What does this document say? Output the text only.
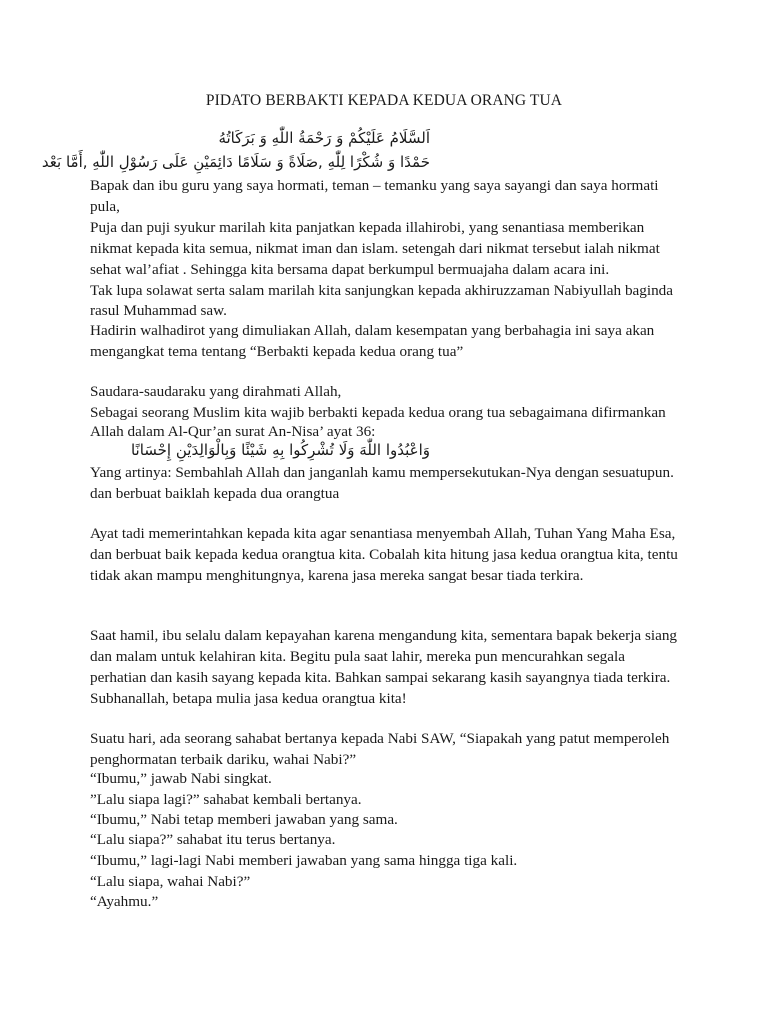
PIDATO BERBAKTI KEPADA KEDUA ORANG TUA
اَلسَّلَامُ عَلَيْكُمْ وَ رَحْمَةُ اللّٰهِ وَ بَرَكَاتُهُ
حَمْدًا وَ شُكْرًا لِلّٰهِ ,صَلَاةً وَ سَلَامًا دَائِمَيْنِ عَلَى رَسُوْلِ اللّٰهِ ,أَمَّا بَعْد
Bapak dan ibu guru yang saya hormati, teman – temanku yang saya sayangi dan saya hormati
pula,
Puja dan puji syukur marilah kita panjatkan kepada illahirobi, yang senantiasa memberikan
nikmat kepada kita semua, nikmat iman dan islam. setengah dari nikmat tersebut ialah nikmat
sehat wal’afiat . Sehingga kita bersama dapat berkumpul bermuajaha dalam acara ini.
Tak lupa solawat serta salam marilah kita sanjungkan kepada akhiruzzaman Nabiyullah baginda
rasul Muhammad saw.
Hadirin walhadirot yang dimuliakan Allah, dalam kesempatan yang berbahagia ini saya akan
mengangkat tema tentang “Berbakti kepada kedua orang tua”
Saudara-saudaraku yang dirahmati Allah,
Sebagai seorang Muslim kita wajib berbakti kepada kedua orang tua sebagaimana difirmankan
Allah dalam Al-Qur’an surat An-Nisa’ ayat 36:
وَاعْبُدُوا اللّٰهَ وَلَا تُشْرِكُوا بِهِ شَيْئًا وَبِالْوَالِدَيْنِ إِحْسَانًا
Yang artinya: Sembahlah Allah dan janganlah kamu mempersekutukan-Nya dengan sesuatupun.
dan berbuat baiklah kepada dua orangtua
Ayat tadi memerintahkan kepada kita agar senantiasa menyembah Allah, Tuhan Yang Maha Esa,
dan berbuat baik kepada kedua orangtua kita. Cobalah kita hitung jasa kedua orangtua kita, tentu
tidak akan mampu menghitungnya, karena jasa mereka sangat besar tiada terkira.
Saat hamil, ibu selalu dalam kepayahan karena mengandung kita, sementara bapak bekerja siang
dan malam untuk kelahiran kita. Begitu pula saat lahir, mereka pun mencurahkan segala
perhatian dan kasih sayang kepada kita. Bahkan sampai sekarang kasih sayangnya tiada terkira.
Subhanallah, betapa mulia jasa kedua orangtua kita!
Suatu hari, ada seorang sahabat bertanya kepada Nabi SAW, “Siapakah yang patut memperoleh
penghormatan terbaik dariku, wahai Nabi?”
“Ibumu,” jawab Nabi singkat.
”Lalu siapa lagi?” sahabat kembali bertanya.
“Ibumu,” Nabi tetap memberi jawaban yang sama.
“Lalu siapa?” sahabat itu terus bertanya.
“Ibumu,” lagi-lagi Nabi memberi jawaban yang sama hingga tiga kali.
“Lalu siapa, wahai Nabi?”
“Ayahmu.”
